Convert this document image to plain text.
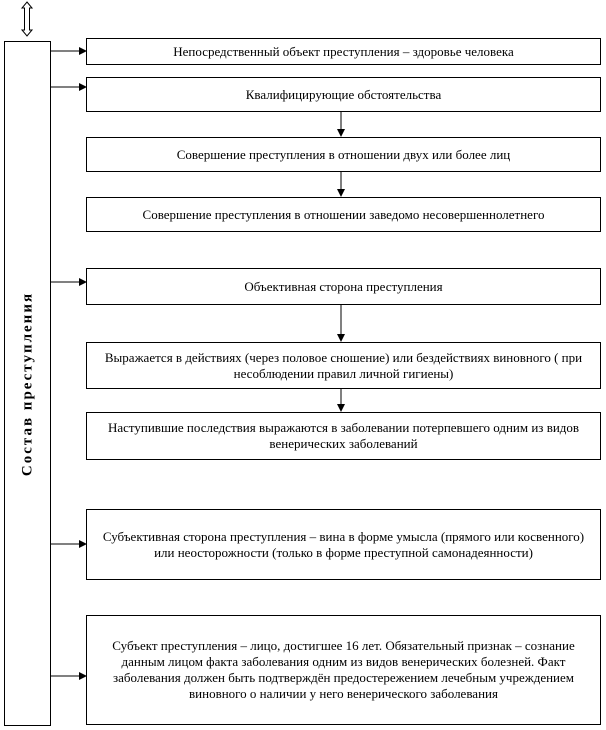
Состав преступления
Непосредственный объект преступления – здоровье человека
Квалифицирующие обстоятельства
Совершение преступления в отношении двух или более лиц
Совершение преступления в отношении заведомо несовершеннолетнего
Объективная сторона преступления
Выражается в действиях (через половое сношение) или бездействиях виновного ( при несоблюдении правил личной гигиены)
Наступившие последствия выражаются в заболевании потерпевшего одним из видов венерических заболеваний
Субъективная сторона преступления – вина в форме умысла (прямого или косвенного) или неосторожности (только в форме преступной самонадеянности)
Субъект преступления – лицо, достигшее 16 лет. Обязательный признак – сознание данным лицом факта заболевания одним из видов венерических болезней. Факт заболевания должен быть подтверждён предостережением лечебным учреждением виновного о наличии у него венерического заболевания
